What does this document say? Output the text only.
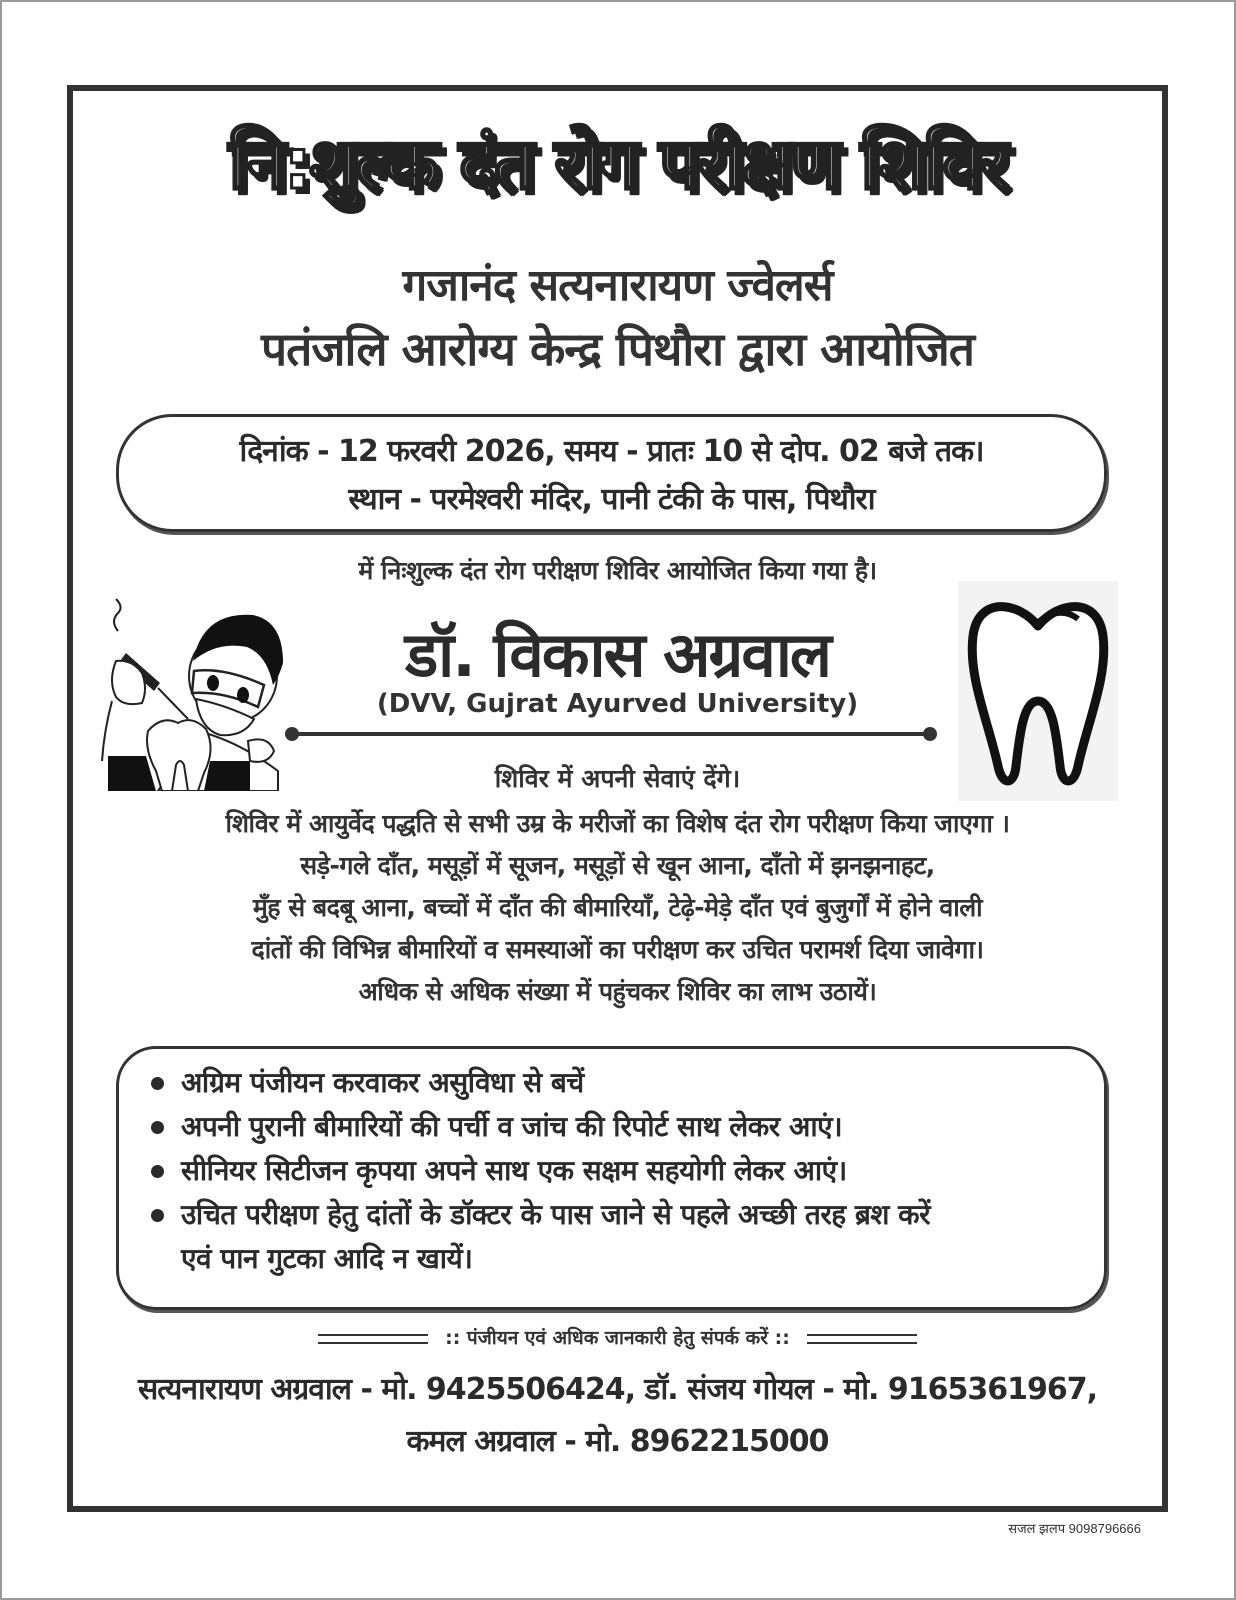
नि:शुल्क दंत रोग परीक्षण शिविर
गजानंद सत्यनारायण ज्वेलर्स
पतंजलि आरोग्य केन्द्र पिथौरा द्वारा आयोजित
दिनांक - 12 फरवरी 2026, समय - प्रातः 10 से दोप. 02 बजे तक।
स्थान - परमेश्वरी मंदिर, पानी टंकी के पास, पिथौरा
में निःशुल्क दंत रोग परीक्षण शिविर आयोजित किया गया है।
डॉ. विकास अग्रवाल
(DVV, Gujrat Ayurved University)
शिविर में अपनी सेवाएं देंगे।
शिविर में आयुर्वेद पद्धति से सभी उम्र के मरीजों का विशेष दंत रोग परीक्षण किया जाएगा ।
सड़े-गले दाँत, मसूड़ों में सूजन, मसूड़ों से खून आना, दाँतो में झनझनाहट,
मुँह से बदबू आना, बच्चों में दाँत की बीमारियाँ, टेढ़े-मेड़े दाँत एवं बुजुर्गों में होने वाली
दांतों की विभिन्न बीमारियों व समस्याओं का परीक्षण कर उचित परामर्श दिया जावेगा।
अधिक से अधिक संख्या में पहुंचकर शिविर का लाभ उठायें।
अग्रिम पंजीयन करवाकर असुविधा से बचें
अपनी पुरानी बीमारियों की पर्ची व जांच की रिपोर्ट साथ लेकर आएं।
सीनियर सिटीजन कृपया अपने साथ एक सक्षम सहयोगी लेकर आएं।
उचित परीक्षण हेतु दांतों के डॉक्टर के पास जाने से पहले अच्छी तरह ब्रश करें
एवं पान गुटका आदि न खायें।
:: पंजीयन एवं अधिक जानकारी हेतु संपर्क करें ::
सत्यनारायण अग्रवाल - मो. 9425506424, डॉ. संजय गोयल - मो. 9165361967,
कमल अग्रवाल - मो. 8962215000
सजल झलप 9098796666
